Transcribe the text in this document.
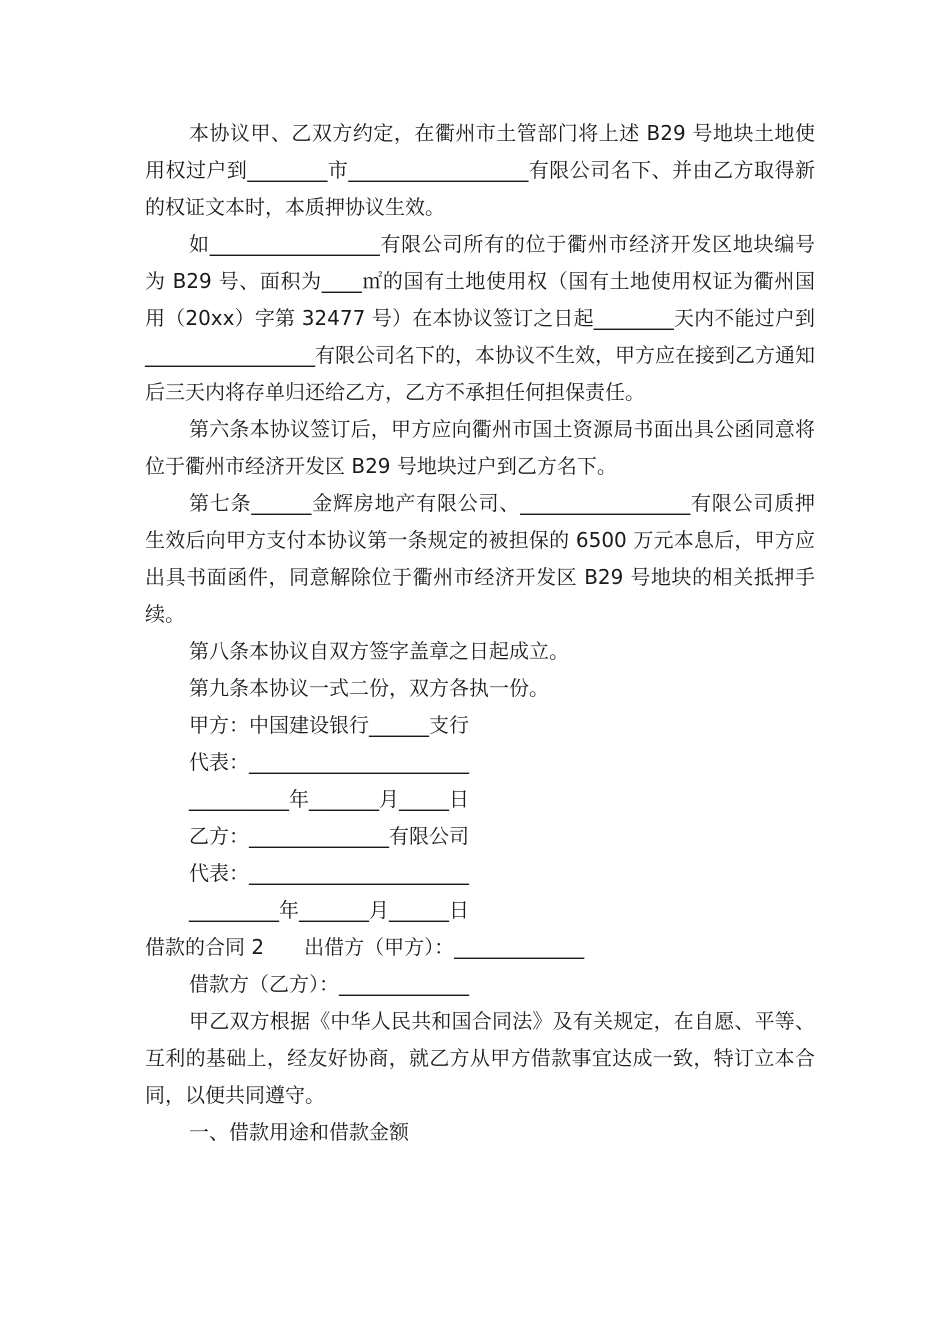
本协议甲、乙双方约定，在衢州市土管部门将上述 B29 号地块土地使用权过户到________市__________________有限公司名下、并由乙方取得新的权证文本时，本质押协议生效。

如_________________有限公司所有的位于衢州市经济开发区地块编号为 B29 号、面积为____㎡的国有土地使用权（国有土地使用权证为衢州国用（20xx）字第 32477 号）在本协议签订之日起________天内不能过户到_________________有限公司名下的，本协议不生效，甲方应在接到乙方通知后三天内将存单归还给乙方，乙方不承担任何担保责任。

第六条本协议签订后，甲方应向衢州市国土资源局书面出具公函同意将位于衢州市经济开发区 B29 号地块过户到乙方名下。

第七条______金辉房地产有限公司、_________________有限公司质押生效后向甲方支付本协议第一条规定的被担保的 6500 万元本息后，甲方应出具书面函件，同意解除位于衢州市经济开发区 B29 号地块的相关抵押手续。

第八条本协议自双方签字盖章之日起成立。

第九条本协议一式二份，双方各执一份。

甲方：中国建设银行______支行

代表：______________________

__________年_______月_____日

乙方：______________有限公司

代表：______________________

_________年_______月______日

借款的合同 2　　出借方（甲方）：_____________

借款方（乙方）：_____________

甲乙双方根据《中华人民共和国合同法》及有关规定，在自愿、平等、互利的基础上，经友好协商，就乙方从甲方借款事宜达成一致，特订立本合同，以便共同遵守。

一、借款用途和借款金额
